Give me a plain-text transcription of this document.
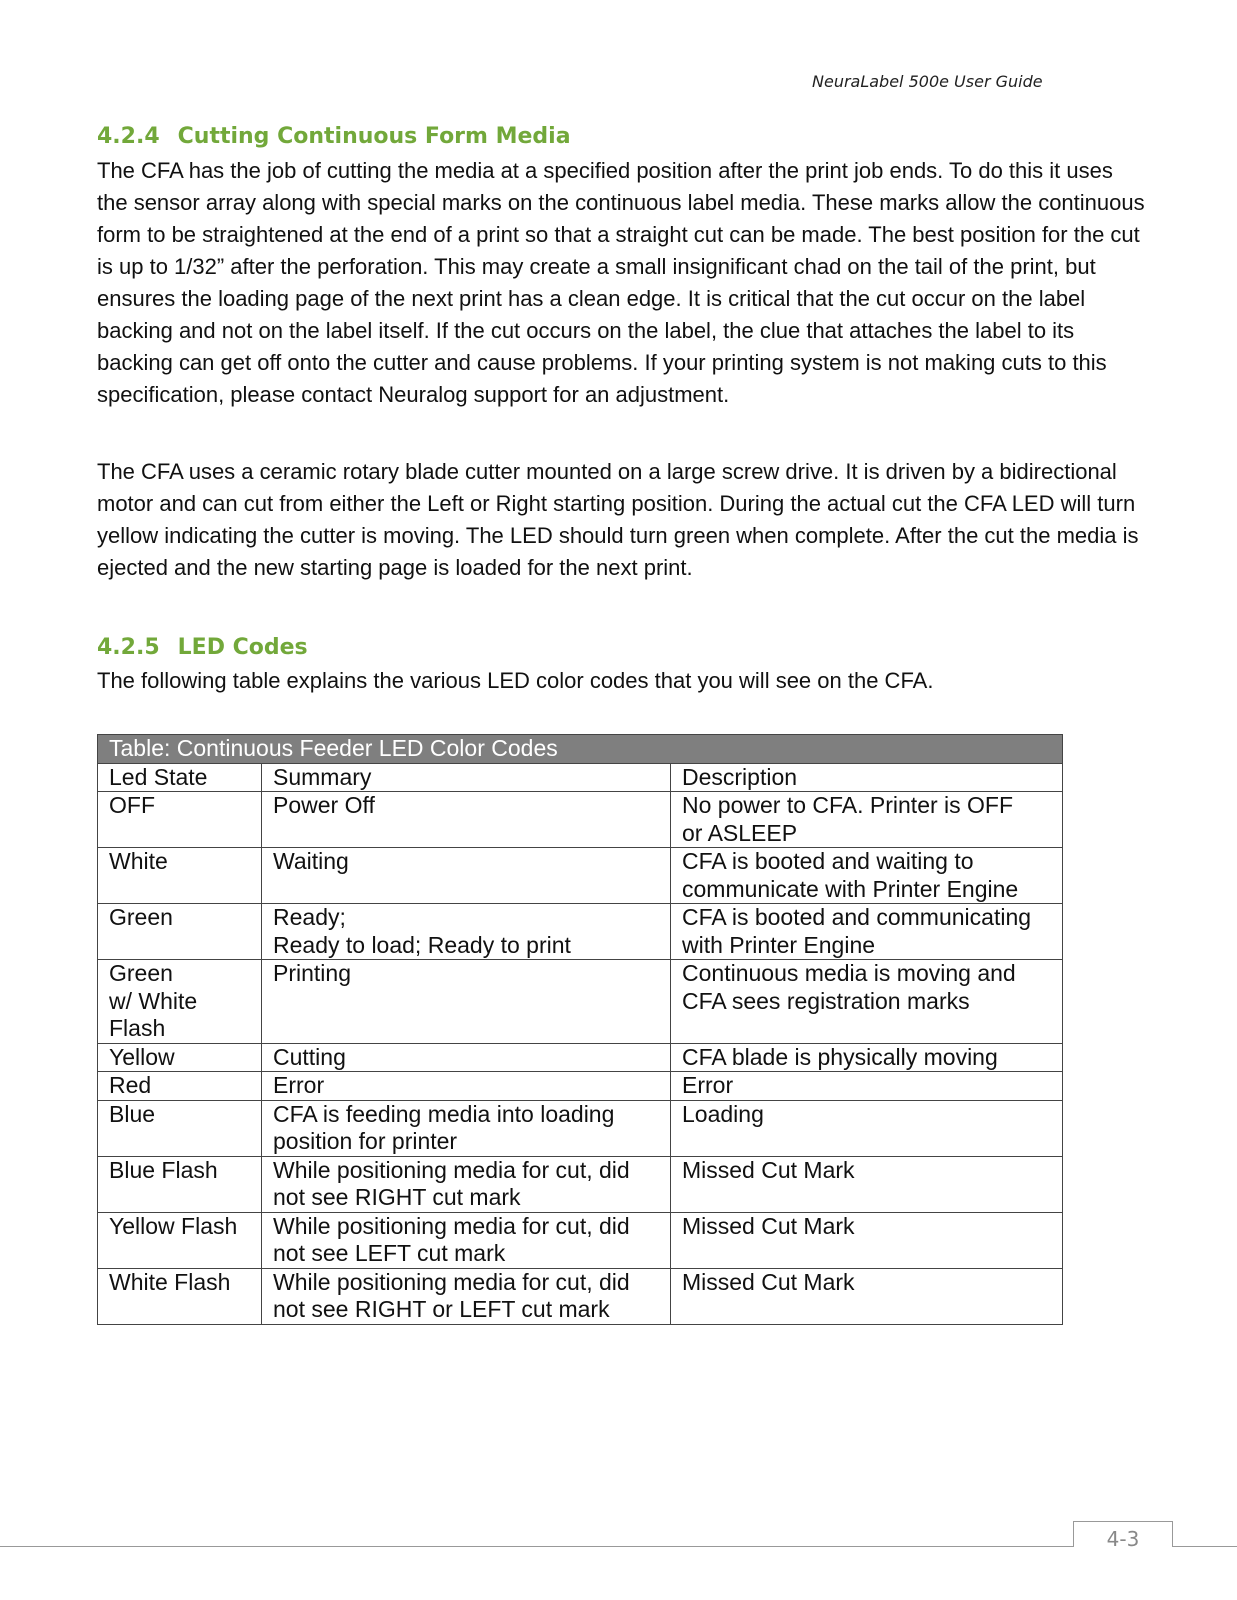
NeuraLabel 500e User Guide
4.2.4 Cutting Continuous Form Media

The CFA has the job of cutting the media at a specified position after the print job ends. To do this it uses the sensor array along with special marks on the continuous label media. These marks allow the continuous form to be straightened at the end of a print so that a straight cut can be made. The best position for the cut is up to 1/32” after the perforation. This may create a small insignificant chad on the tail of the print, but ensures the loading page of the next print has a clean edge. It is critical that the cut occur on the label backing and not on the label itself. If the cut occurs on the label, the clue that attaches the label to its backing can get off onto the cutter and cause problems. If your printing system is not making cuts to this specification, please contact Neuralog support for an adjustment.

The CFA uses a ceramic rotary blade cutter mounted on a large screw drive. It is driven by a bidirectional motor and can cut from either the Left or Right starting position. During the actual cut the CFA LED will turn yellow indicating the cutter is moving. The LED should turn green when complete. After the cut the media is ejected and the new starting page is loaded for the next print.

4.2.5 LED Codes

The following table explains the various LED color codes that you will see on the CFA.

Table: Continuous Feeder LED Color Codes		
Led State	Summary	Description
OFF	Power Off	No power to CFA. Printer is OFF
or ASLEEP
White	Waiting	CFA is booted and waiting to
communicate with Printer Engine
Green	Ready;
Ready to load; Ready to print	CFA is booted and communicating
with Printer Engine
Green
w/ White
Flash	Printing	Continuous media is moving and
CFA sees registration marks
Yellow	Cutting	CFA blade is physically moving
Red	Error	Error
Blue	CFA is feeding media into loading
position for printer	Loading
Blue Flash	While positioning media for cut, did
not see RIGHT cut mark	Missed Cut Mark
Yellow Flash	While positioning media for cut, did
not see LEFT cut mark	Missed Cut Mark
White Flash	While positioning media for cut, did
not see RIGHT or LEFT cut mark	Missed Cut Mark
4-3
